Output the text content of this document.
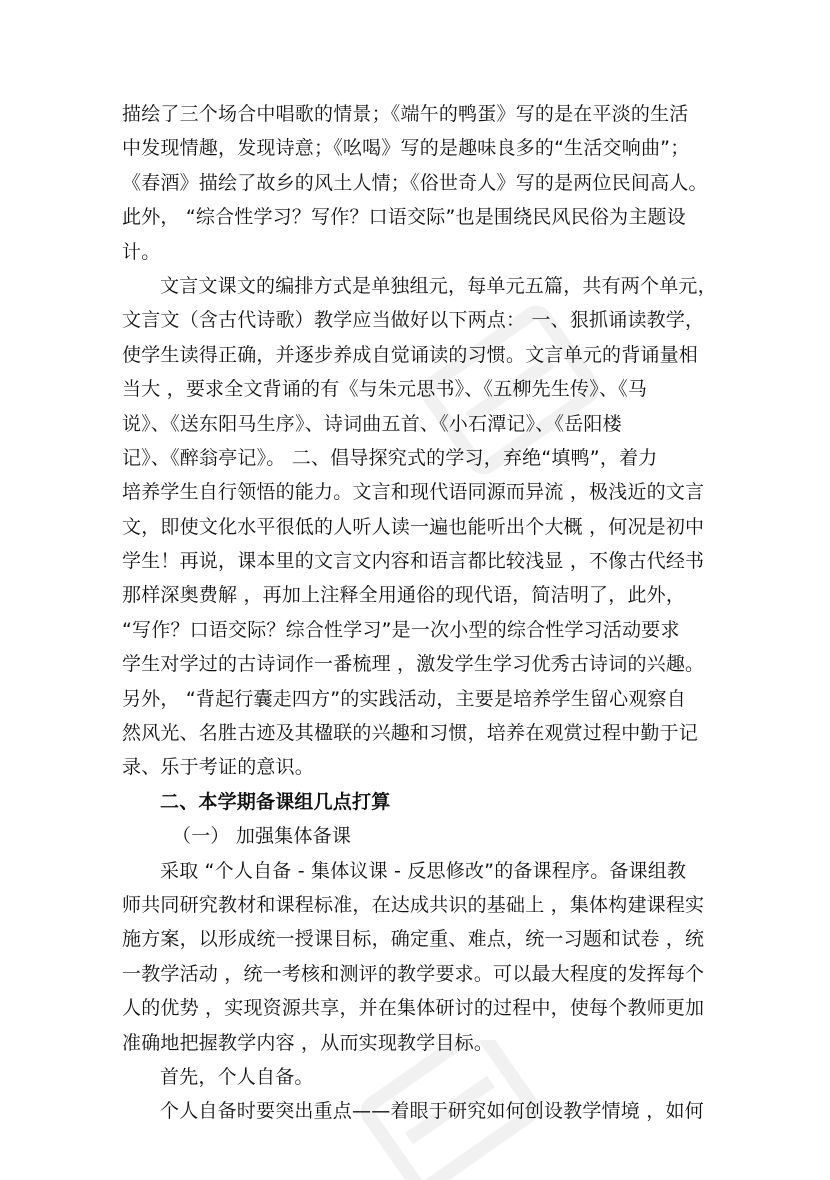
描绘了三个场合中唱歌的情景；《端午的鸭蛋》写的是在平淡的生活
中发现情趣，发现诗意；《吆喝》写的是趣味良多的“生活交响曲”；
《春酒》描绘了故乡的风土人情；《俗世奇人》写的是两位民间高人。
此外， “综合性学习？写作？口语交际”也是围绕民风民俗为主题设
计。
文言文课文的编排方式是单独组元，每单元五篇，共有两个单元，
文言文（含古代诗歌）教学应当做好以下两点： 一、狠抓诵读教学，
使学生读得正确，并逐步养成自觉诵读的习惯。文言单元的背诵量相
当大 ，要求全文背诵的有《与朱元思书》、《五柳先生传》、《马
说》、《送东阳马生序》、诗词曲五首、《小石潭记》、《岳阳楼
记》、《醉翁亭记》。 二、倡导探究式的学习，弃绝“填鸭”，着力
培养学生自行领悟的能力。文言和现代语同源而异流 ，极浅近的文言
文，即使文化水平很低的人听人读一遍也能听出个大概 ，何况是初中
学生！再说，课本里的文言文内容和语言都比较浅显 ，不像古代经书
那样深奥费解 ，再加上注释全用通俗的现代语，简洁明了，此外，
“写作？口语交际？综合性学习”是一次小型的综合性学习活动要求
学生对学过的古诗词作一番梳理 ，激发学生学习优秀古诗词的兴趣。
另外， “背起行囊走四方”的实践活动，主要是培养学生留心观察自
然风光、名胜古迹及其楹联的兴趣和习惯，培养在观赏过程中勤于记
录、乐于考证的意识。
二、本学期备课组几点打算
（一） 加强集体备课
采取 “个人自备 - 集体议课 - 反思修改”的备课程序。备课组教
师共同研究教材和课程标准，在达成共识的基础上 ，集体构建课程实
施方案，以形成统一授课目标，确定重、难点，统一习题和试卷 ，统
一教学活动 ，统一考核和测评的教学要求。可以最大程度的发挥每个
人的优势 ，实现资源共享，并在集体研讨的过程中，使每个教师更加
准确地把握教学内容 ，从而实现教学目标。
首先，个人自备。
个人自备时要突出重点——着眼于研究如何创设教学情境 ，如何
